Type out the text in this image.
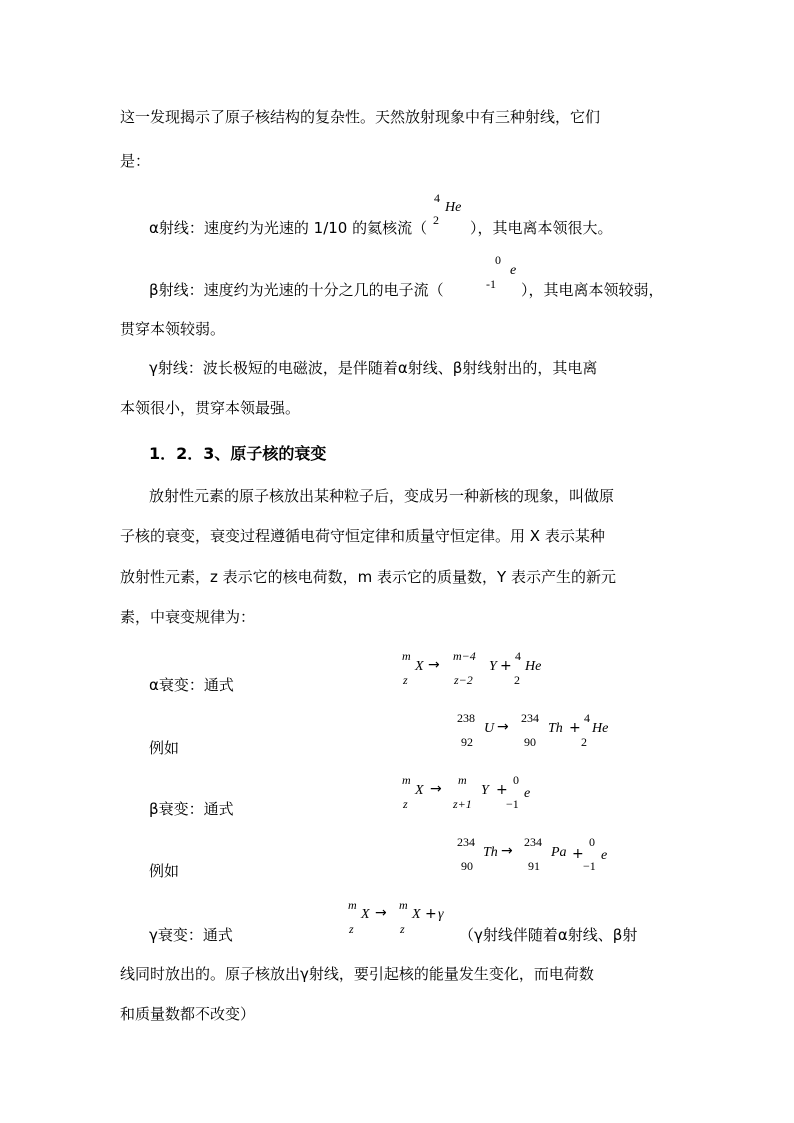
这一发现揭示了原子核结构的复杂性。天然放射现象中有三种射线，它们
是：
α射线：速度约为光速的 1/10 的氦核流（
4
2
He
），其电离本领很大。
β射线：速度约为光速的十分之几的电子流（
0
-1
e
），其电离本领较弱，
贯穿本领较弱。
γ射线：波长极短的电磁波，是伴随着α射线、β射线射出的，其电离
本领很小，贯穿本领最强。
1．2．3、原子核的衰变
放射性元素的原子核放出某种粒子后，变成另一种新核的现象，叫做原
子核的衰变，衰变过程遵循电荷守恒定律和质量守恒定律。用 X 表示某种
放射性元素，z 表示它的核电荷数，m 表示它的质量数，Y 表示产生的新元
素，中衰变规律为：
α衰变：通式
m
z
X →
m−4
z−2
Y +
4
2
He
例如
238
92
U →
234
90
Th +
4
2
He
β衰变：通式
m
z
X →
m
z+1
Y +
0
−1
e
例如
234
90
Th →
234
91
Pa +
0
−1
e
γ衰变：通式
m
z
X → m
z
X + γ
（γ射线伴随着α射线、β射
线同时放出的。原子核放出γ射线，要引起核的能量发生变化，而电荷数
和质量数都不改变）
